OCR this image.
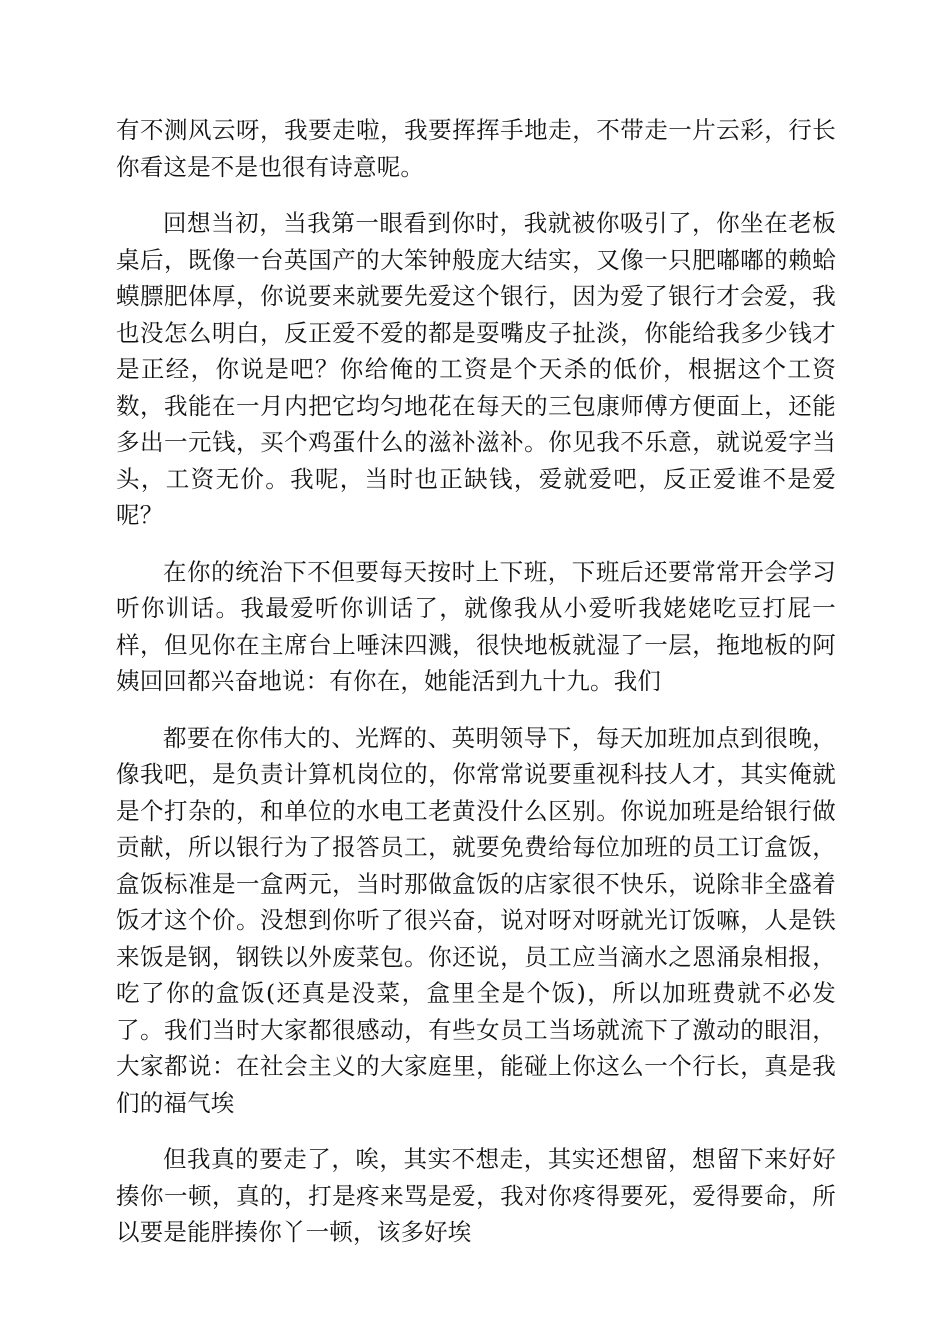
有不测风云呀，我要走啦，我要挥挥手地走，不带走一片云彩，行长你看这是不是也很有诗意呢。

回想当初，当我第一眼看到你时，我就被你吸引了，你坐在老板桌后，既像一台英国产的大笨钟般庞大结实，又像一只肥嘟嘟的赖蛤蟆膘肥体厚，你说要来就要先爱这个银行，因为爱了银行才会爱，我也没怎么明白，反正爱不爱的都是耍嘴皮子扯淡，你能给我多少钱才是正经，你说是吧？你给俺的工资是个天杀的低价，根据这个工资数，我能在一月内把它均匀地花在每天的三包康师傅方便面上，还能多出一元钱，买个鸡蛋什么的滋补滋补。你见我不乐意，就说爱字当头，工资无价。我呢，当时也正缺钱，爱就爱吧，反正爱谁不是爱呢？

在你的统治下不但要每天按时上下班，下班后还要常常开会学习听你训话。我最爱听你训话了，就像我从小爱听我姥姥吃豆打屁一样，但见你在主席台上唾沫四溅，很快地板就湿了一层，拖地板的阿姨回回都兴奋地说：有你在，她能活到九十九。我们

都要在你伟大的、光辉的、英明领导下，每天加班加点到很晚，像我吧，是负责计算机岗位的，你常常说要重视科技人才，其实俺就是个打杂的，和单位的水电工老黄没什么区别。你说加班是给银行做贡献，所以银行为了报答员工，就要免费给每位加班的员工订盒饭，盒饭标准是一盒两元，当时那做盒饭的店家很不快乐，说除非全盛着饭才这个价。没想到你听了很兴奋，说对呀对呀就光订饭嘛，人是铁来饭是钢，钢铁以外废菜包。你还说，员工应当滴水之恩涌泉相报，吃了你的盒饭(还真是没菜，盒里全是个饭)，所以加班费就不必发了。我们当时大家都很感动，有些女员工当场就流下了激动的眼泪，大家都说：在社会主义的大家庭里，能碰上你这么一个行长，真是我们的福气埃

但我真的要走了，唉，其实不想走，其实还想留，想留下来好好揍你一顿，真的，打是疼来骂是爱，我对你疼得要死，爱得要命，所以要是能胖揍你丫一顿，该多好埃
